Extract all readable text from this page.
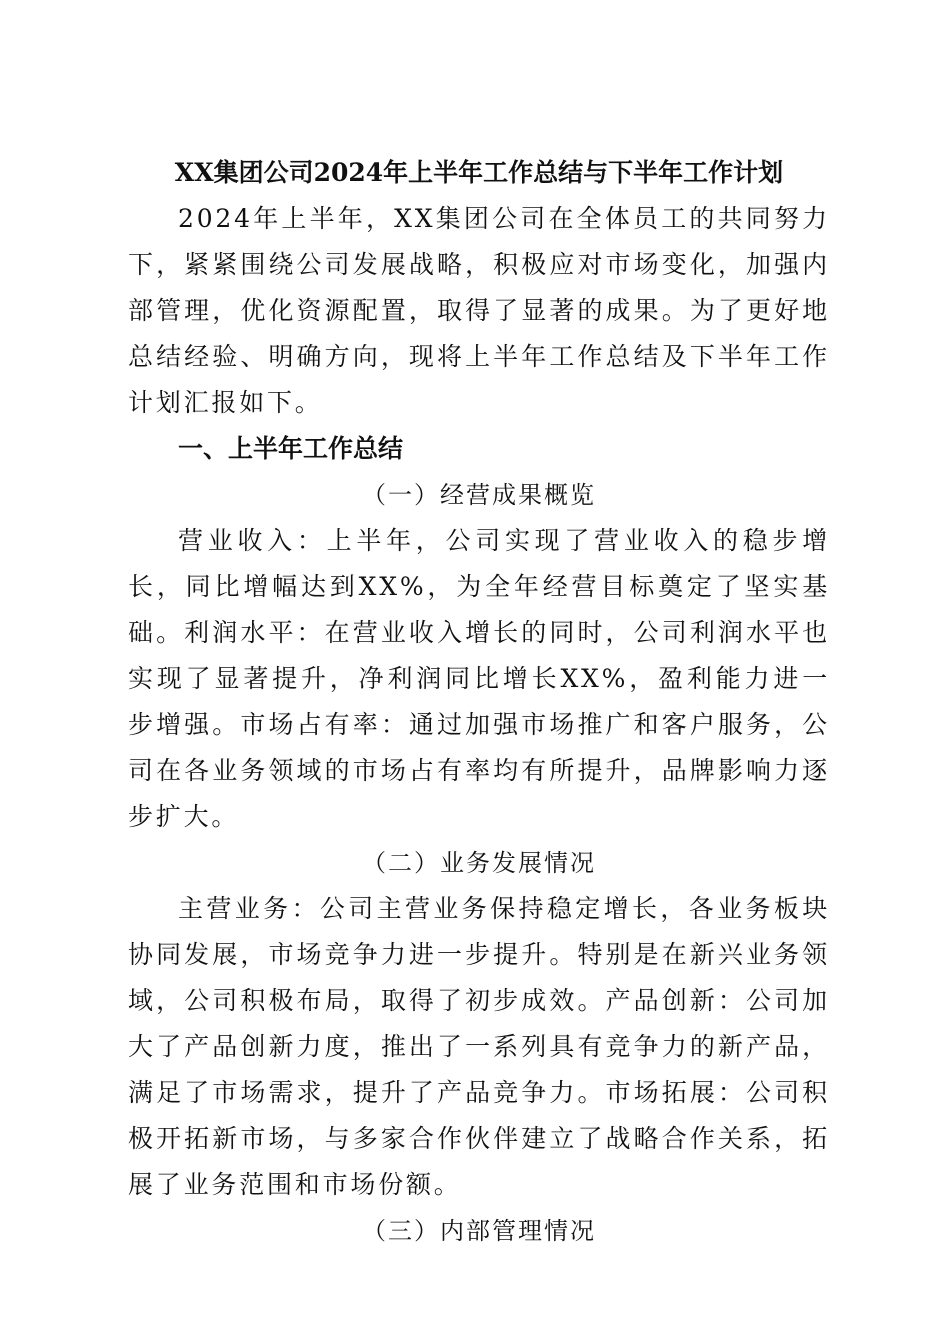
XX集团公司2024年上半年工作总结与下半年工作计划

2024年上半年，XX集团公司在全体员工的共同努力下，紧紧围绕公司发展战略，积极应对市场变化，加强内部管理，优化资源配置，取得了显著的成果。为了更好地总结经验、明确方向，现将上半年工作总结及下半年工作计划汇报如下。

一、上半年工作总结

（一）经营成果概览

营业收入：上半年，公司实现了营业收入的稳步增长，同比增幅达到XX%，为全年经营目标奠定了坚实基础。利润水平：在营业收入增长的同时，公司利润水平也实现了显著提升，净利润同比增长XX%，盈利能力进一步增强。市场占有率：通过加强市场推广和客户服务，公司在各业务领域的市场占有率均有所提升，品牌影响力逐步扩大。

（二）业务发展情况

主营业务：公司主营业务保持稳定增长，各业务板块协同发展，市场竞争力进一步提升。特别是在新兴业务领域，公司积极布局，取得了初步成效。产品创新：公司加大了产品创新力度，推出了一系列具有竞争力的新产品，满足了市场需求，提升了产品竞争力。市场拓展：公司积极开拓新市场，与多家合作伙伴建立了战略合作关系，拓展了业务范围和市场份额。

（三）内部管理情况
